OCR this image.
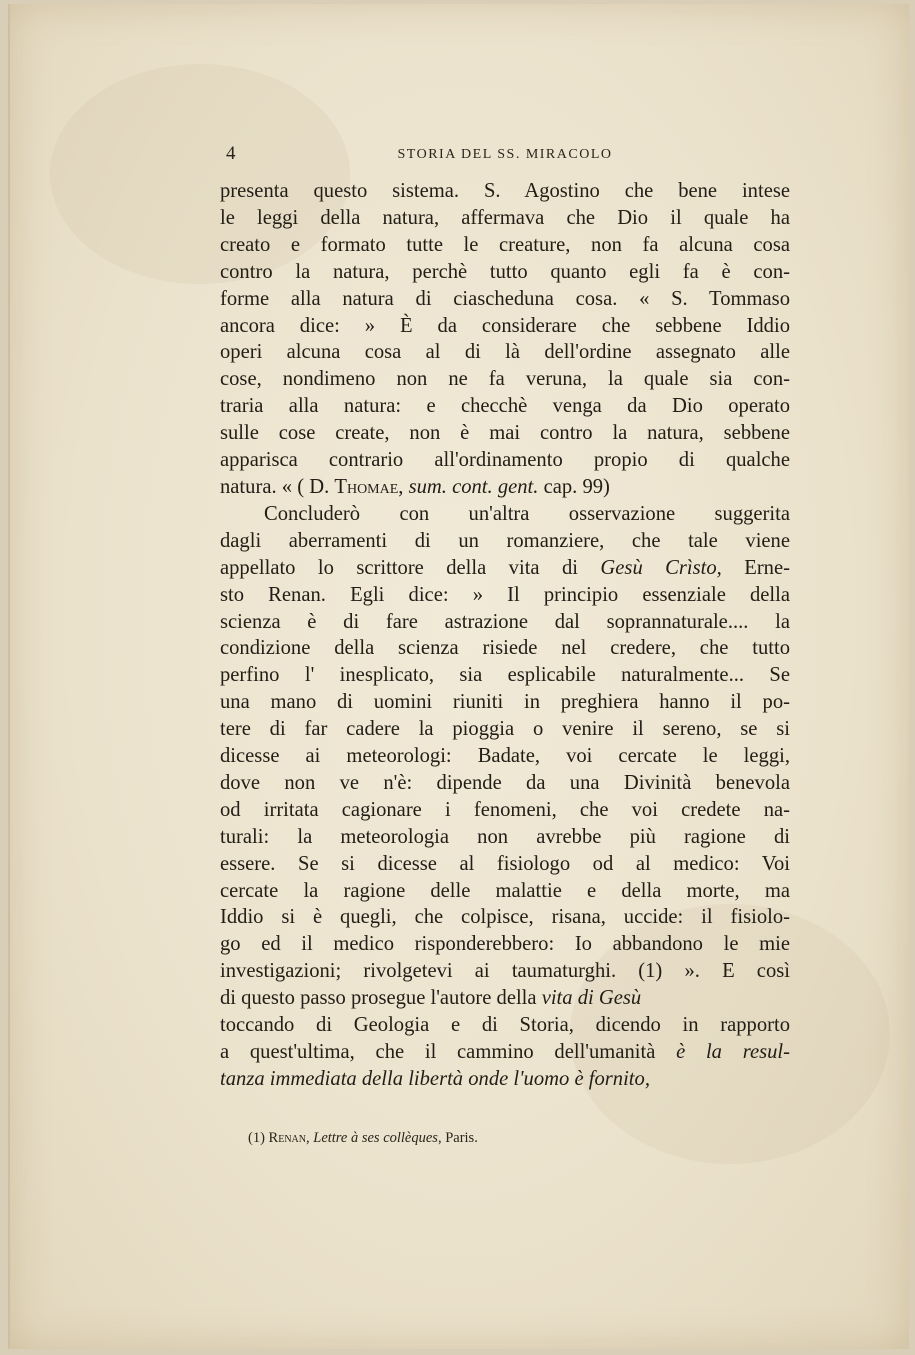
4	STORIA DEL SS. MIRACOLO
presenta questo sistema. S. Agostino che bene intese
le leggi della natura, affermava che Dio il quale ha
creato e formato tutte le creature, non fa alcuna cosa
contro la natura, perchè tutto quanto egli fa è con-
forme alla natura di ciascheduna cosa. « S. Tommaso
ancora dice: » È da considerare che sebbene Iddio
operi alcuna cosa al di là dell'ordine assegnato alle
cose, nondimeno non ne fa veruna, la quale sia con-
traria alla natura: e checchè venga da Dio operato
sulle cose create, non è mai contro la natura, sebbene
apparisca contrario all'ordinamento propio di qualche
natura. « ( D. Thomae, sum. cont. gent. cap. 99)
Concluderò con un'altra osservazione suggerita
dagli aberramenti di un romanziere, che tale viene
appellato lo scrittore della vita di Gesù Crìsto, Erne-
sto Renan. Egli dice: » Il principio essenziale della
scienza è di fare astrazione dal soprannaturale.... la
condizione della scienza risiede nel credere, che tutto
perfino l' inesplicato, sia esplicabile naturalmente... Se
una mano di uomini riuniti in preghiera hanno il po-
tere di far cadere la pioggia o venire il sereno, se si
dicesse ai meteorologi: Badate, voi cercate le leggi,
dove non ve n'è: dipende da una Divinità benevola
od irritata cagionare i fenomeni, che voi credete na-
turali: la meteorologia non avrebbe più ragione di
essere. Se si dicesse al fisiologo od al medico: Voi
cercate la ragione delle malattie e della morte, ma
Iddio si è quegli, che colpisce, risana, uccide: il fisiolo-
go ed il medico risponderebbero: Io abbandono le mie
investigazioni; rivolgetevi ai taumaturghi. (1) ». E così
di questo passo prosegue l'autore della vita di Gesù
toccando di Geologia e di Storia, dicendo in rapporto
a quest'ultima, che il cammino dell'umanità è la resul-
tanza immediata della libertà onde l'uomo è fornito,
(1) Renan, Lettre à ses collèques, Paris.
